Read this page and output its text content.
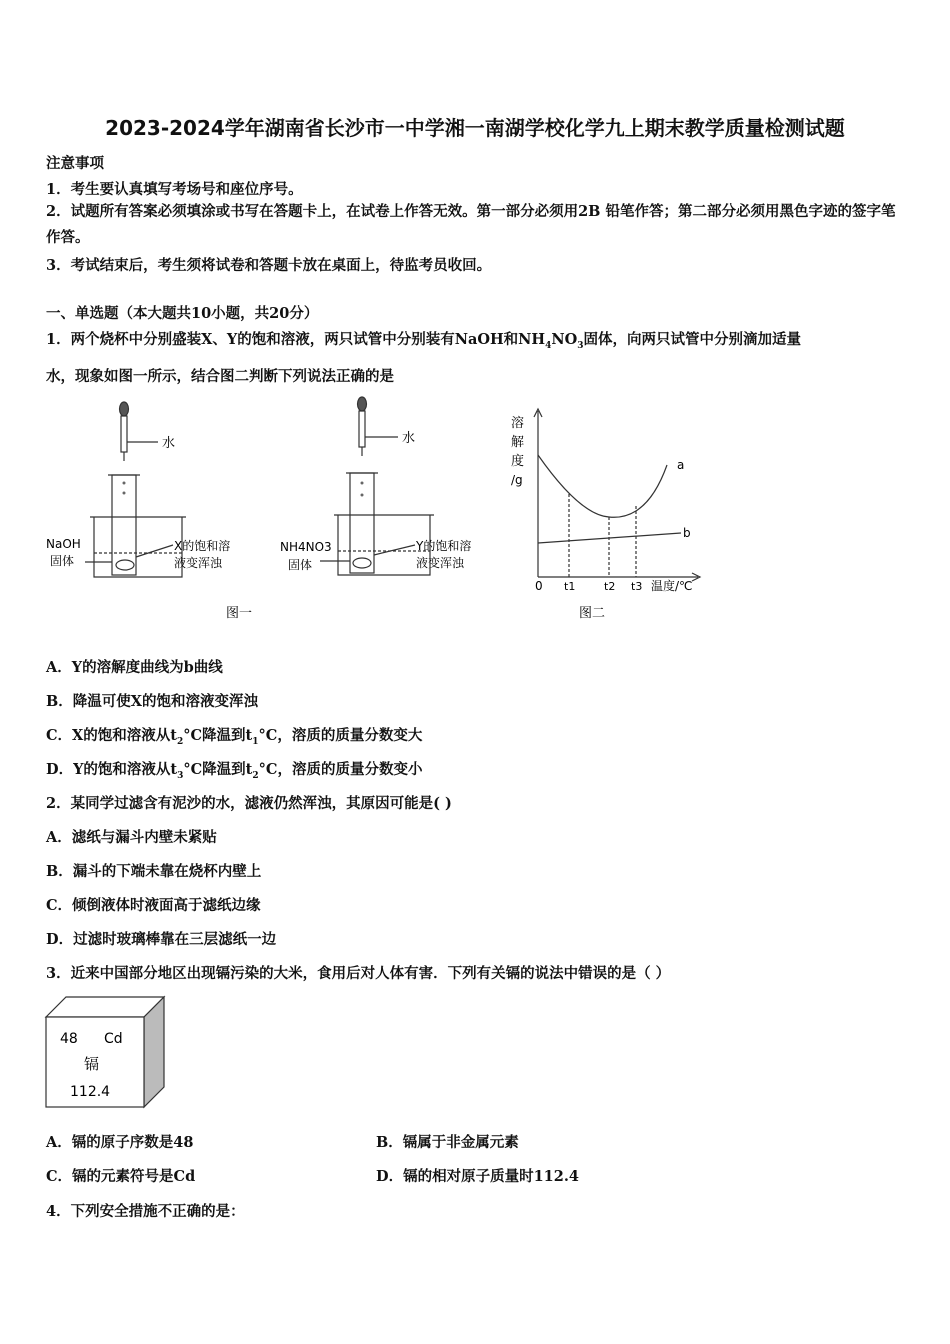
2023-2024学年湖南省长沙市一中学湘一南湖学校化学九上期末教学质量检测试题
注意事项
1．考生要认真填写考场号和座位序号。
2．试题所有答案必须填涂或书写在答题卡上，在试卷上作答无效。第一部分必须用2B 铅笔作答；第二部分必须用黑色字迹的签字笔作答。
3．考试结束后，考生须将试卷和答题卡放在桌面上，待监考员收回。
一、单选题（本大题共10小题，共20分）
1．两个烧杯中分别盛装X、Y的饱和溶液，两只试管中分别装有NaOH和$NH_4NO_3$固体，向两只试管中分别滴加适量
水，现象如图一所示，结合图二判断下列说法正确的是
水	水
NaOH
固体
X的饱和溶
液变浑浊
NH4NO3
固体
Y的饱和溶
液变浑浊
图一
溶
解
度
/g
0 t1	t2 t3 温度/℃
a
b
图二
A．Y的溶解度曲线为b曲线
B．降温可使X的饱和溶液变浑浊
C．X的饱和溶液从$t_2^\circ C$降温到$t_1^\circ C$，溶质的质量分数变大
D．Y的饱和溶液从$t_3^\circ C$降温到$t_2^\circ C$，溶质的质量分数变小
2．某同学过滤含有泥沙的水，滤液仍然浑浊，其原因可能是( )
A．滤纸与漏斗内壁未紧贴
B．漏斗的下端未靠在烧杯内壁上
C．倾倒液体时液面高于滤纸边缘
D．过滤时玻璃棒靠在三层滤纸一边
3．近来中国部分地区出现镉污染的大米，食用后对人体有害．下列有关镉的说法中错误的是（ ）
48 Cd
镉
112.4
A．镉的原子序数是48	B．镉属于非金属元素
C．镉的元素符号是Cd	D．镉的相对原子质量时112.4
4．下列安全措施不正确的是：
